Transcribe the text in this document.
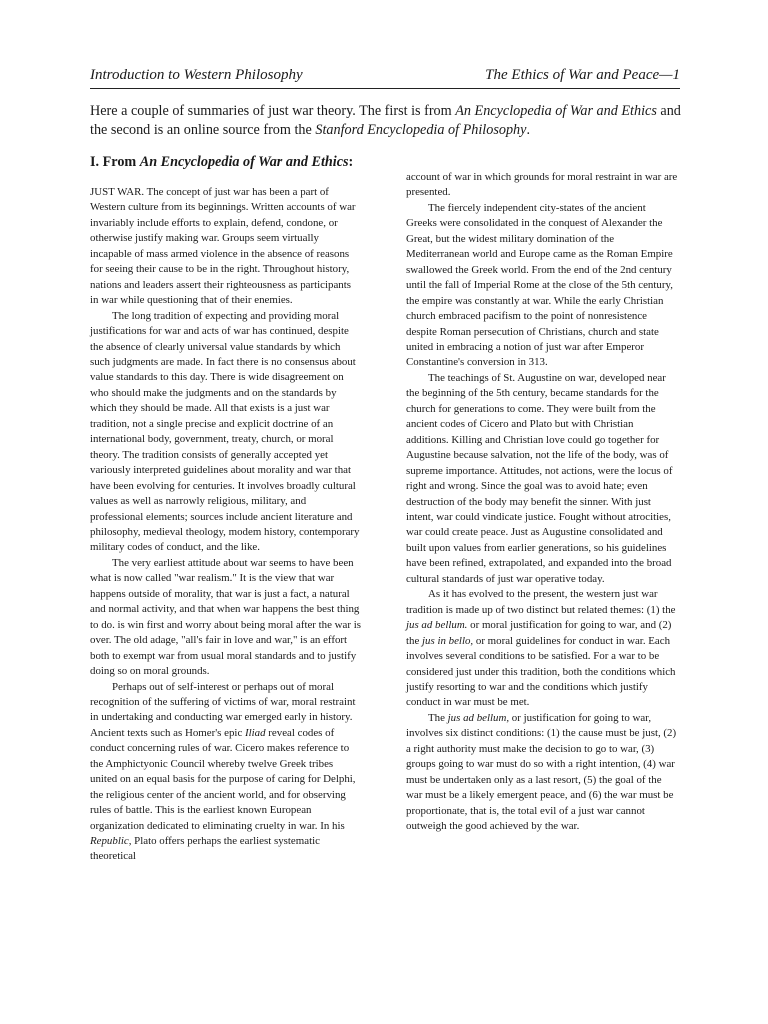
Introduction to Western Philosophy	The Ethics of War and Peace—1

Here a couple of summaries of just war theory. The first is from An Encyclopedia of War and Ethics and the second is an online source from the Stanford Encyclopedia of Philosophy.

I. From An Encyclopedia of War and Ethics:

JUST WAR. The concept of just war has been a part of Western culture from its beginnings. Written accounts of war invariably include efforts to explain, defend, condone, or otherwise justify making war. Groups seem virtually incapable of mass armed violence in the absence of reasons for seeing their cause to be in the right. Throughout history, nations and leaders assert their righteousness as participants in war while questioning that of their enemies.

The long tradition of expecting and providing moral justifications for war and acts of war has continued, despite the absence of clearly universal value standards by which such judgments are made. In fact there is no consensus about value standards to this day. There is wide disagreement on who should make the judgments and on the standards by which they should be made. All that exists is a just war tradition, not a single precise and explicit doctrine of an international body, government, treaty, church, or moral theory. The tradition consists of generally accepted yet variously interpreted guidelines about morality and war that have been evolving for centuries. It involves broadly cultural values as well as narrowly religious, military, and professional elements; sources include ancient literature and philosophy, medieval theology, modem history, contemporary military codes of conduct, and the like.

The very earliest attitude about war seems to have been what is now called "war realism." It is the view that war happens outside of morality, that war is just a fact, a natural and normal activity, and that when war happens the best thing to do. is win first and worry about being moral after the war is over. The old adage, "all's fair in love and war," is an effort both to exempt war from usual moral standards and to justify doing so on moral grounds.

Perhaps out of self-interest or perhaps out of moral recognition of the suffering of victims of war, moral restraint in undertaking and conducting war emerged early in history. Ancient texts such as Homer's epic Iliad reveal codes of conduct concerning rules of war. Cicero makes reference to the Amphictyonic Council whereby twelve Greek tribes united on an equal basis for the purpose of caring for Delphi, the religious center of the ancient world, and for observing rules of battle. This is the earliest known European organization dedicated to eliminating cruelty in war. In his Republic, Plato offers perhaps the earliest systematic theoretical

account of war in which grounds for moral restraint in war are presented.

The fiercely independent city-states of the ancient Greeks were consolidated in the conquest of Alexander the Great, but the widest military domination of the Mediterranean world and Europe came as the Roman Empire swallowed the Greek world. From the end of the 2nd century until the fall of Imperial Rome at the close of the 5th century, the empire was constantly at war. While the early Christian church embraced pacifism to the point of nonresistence despite Roman persecution of Christians, church and state united in embracing a notion of just war after Emperor Constantine's conversion in 313.

The teachings of St. Augustine on war, developed near the beginning of the 5th century, became standards for the church for generations to come. They were built from the ancient codes of Cicero and Plato but with Christian additions. Killing and Christian love could go together for Augustine because salvation, not the life of the body, was of supreme importance. Attitudes, not actions, were the locus of right and wrong. Since the goal was to avoid hate; even destruction of the body may benefit the sinner. With just intent, war could vindicate justice. Fought without atrocities, war could create peace. Just as Augustine consolidated and built upon values from earlier generations, so his guidelines have been refined, extrapolated, and expanded into the broad cultural standards of just war operative today.

As it has evolved to the present, the western just war tradition is made up of two distinct but related themes: (1) the jus ad bellum. or moral justification for going to war, and (2) the jus in bello, or moral guidelines for conduct in war. Each involves several conditions to be satisfied. For a war to be considered just under this tradition, both the conditions which justify resorting to war and the conditions which justify conduct in war must be met.

The jus ad bellum, or justification for going to war, involves six distinct conditions: (1) the cause must be just, (2) a right authority must make the decision to go to war, (3) groups going to war must do so with a right intention, (4) war must be undertaken only as a last resort, (5) the goal of the war must be a likely emergent peace, and (6) the war must be proportionate, that is, the total evil of a just war cannot outweigh the good achieved by the war.
